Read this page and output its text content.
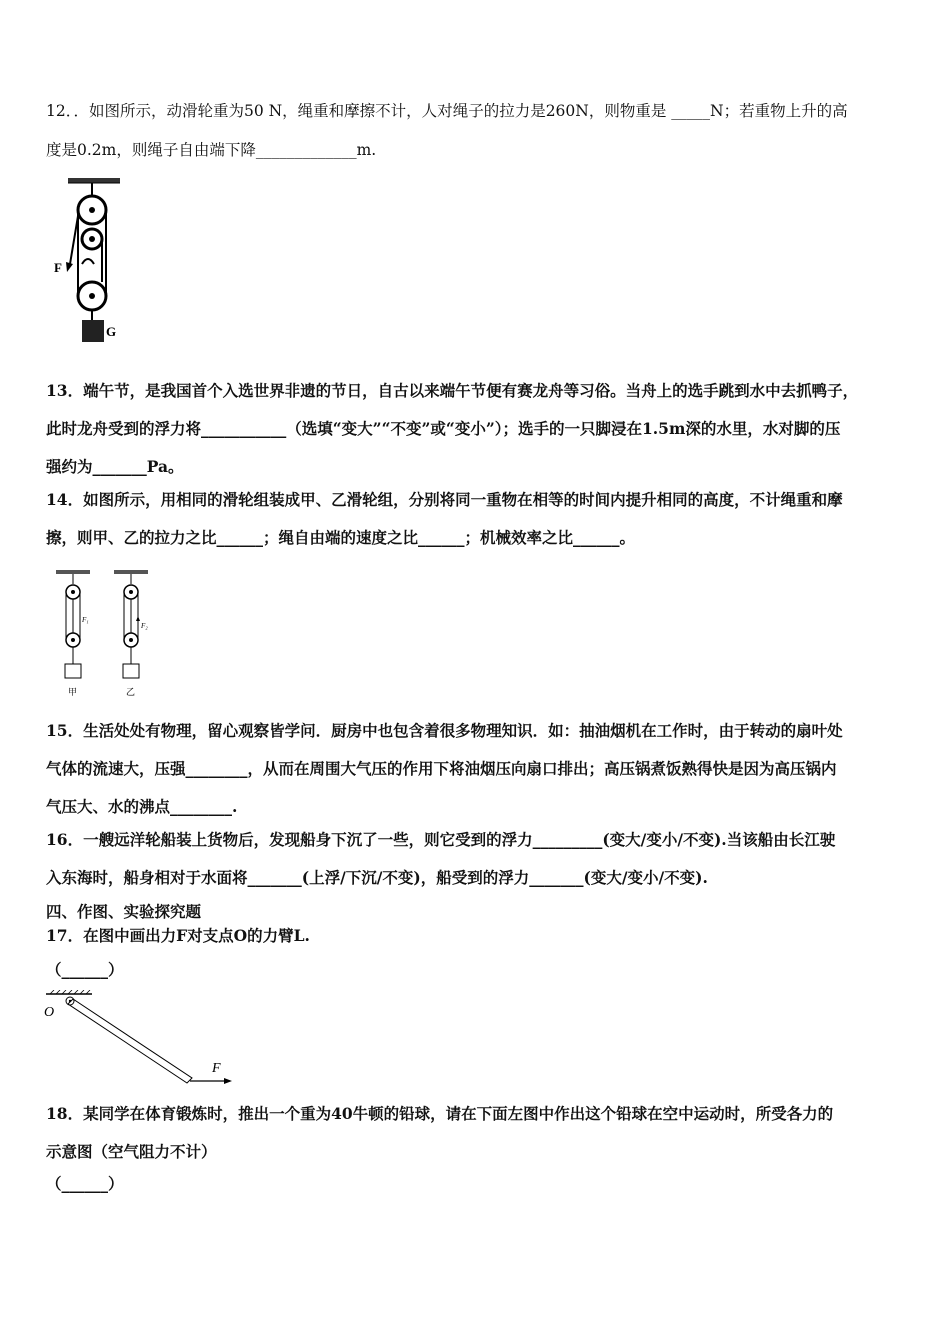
12．．如图所示，动滑轮重为50 N，绳重和摩擦不计，人对绳子的拉力是260N，则物重是 _____N；若重物上升的高
度是0.2m，则绳子自由端下降_____________m.
F
G
13．端午节，是我国首个入选世界非遗的节日，自古以来端午节便有赛龙舟等习俗。当舟上的选手跳到水中去抓鸭子，
此时龙舟受到的浮力将___________（选填“变大”“不变”或“变小”）；选手的一只脚浸在1.5m深的水里，水对脚的压
强约为_______Pa。
14．如图所示，用相同的滑轮组装成甲、乙滑轮组，分别将同一重物在相等的时间内提升相同的高度，不计绳重和摩
擦，则甲、乙的拉力之比______；绳自由端的速度之比______；机械效率之比______。
F₁
甲
F₂
乙
15．生活处处有物理，留心观察皆学问．厨房中也包含着很多物理知识．如：抽油烟机在工作时，由于转动的扇叶处
气体的流速大，压强________，从而在周围大气压的作用下将油烟压向扇口排出；高压锅煮饭熟得快是因为高压锅内
气压大、水的沸点________.
16．一艘远洋轮船装上货物后，发现船身下沉了一些，则它受到的浮力_________(变大/变小/不变).当该船由长江驶
入东海时，船身相对于水面将_______(上浮/下沉/不变)，船受到的浮力_______(变大/变小/不变).
四、作图、实验探究题
17．在图中画出力F对支点O的力臂L.
（______）
O
F
18．某同学在体育锻炼时，推出一个重为40牛顿的铅球，请在下面左图中作出这个铅球在空中运动时，所受各力的
示意图（空气阻力不计）
（______）
